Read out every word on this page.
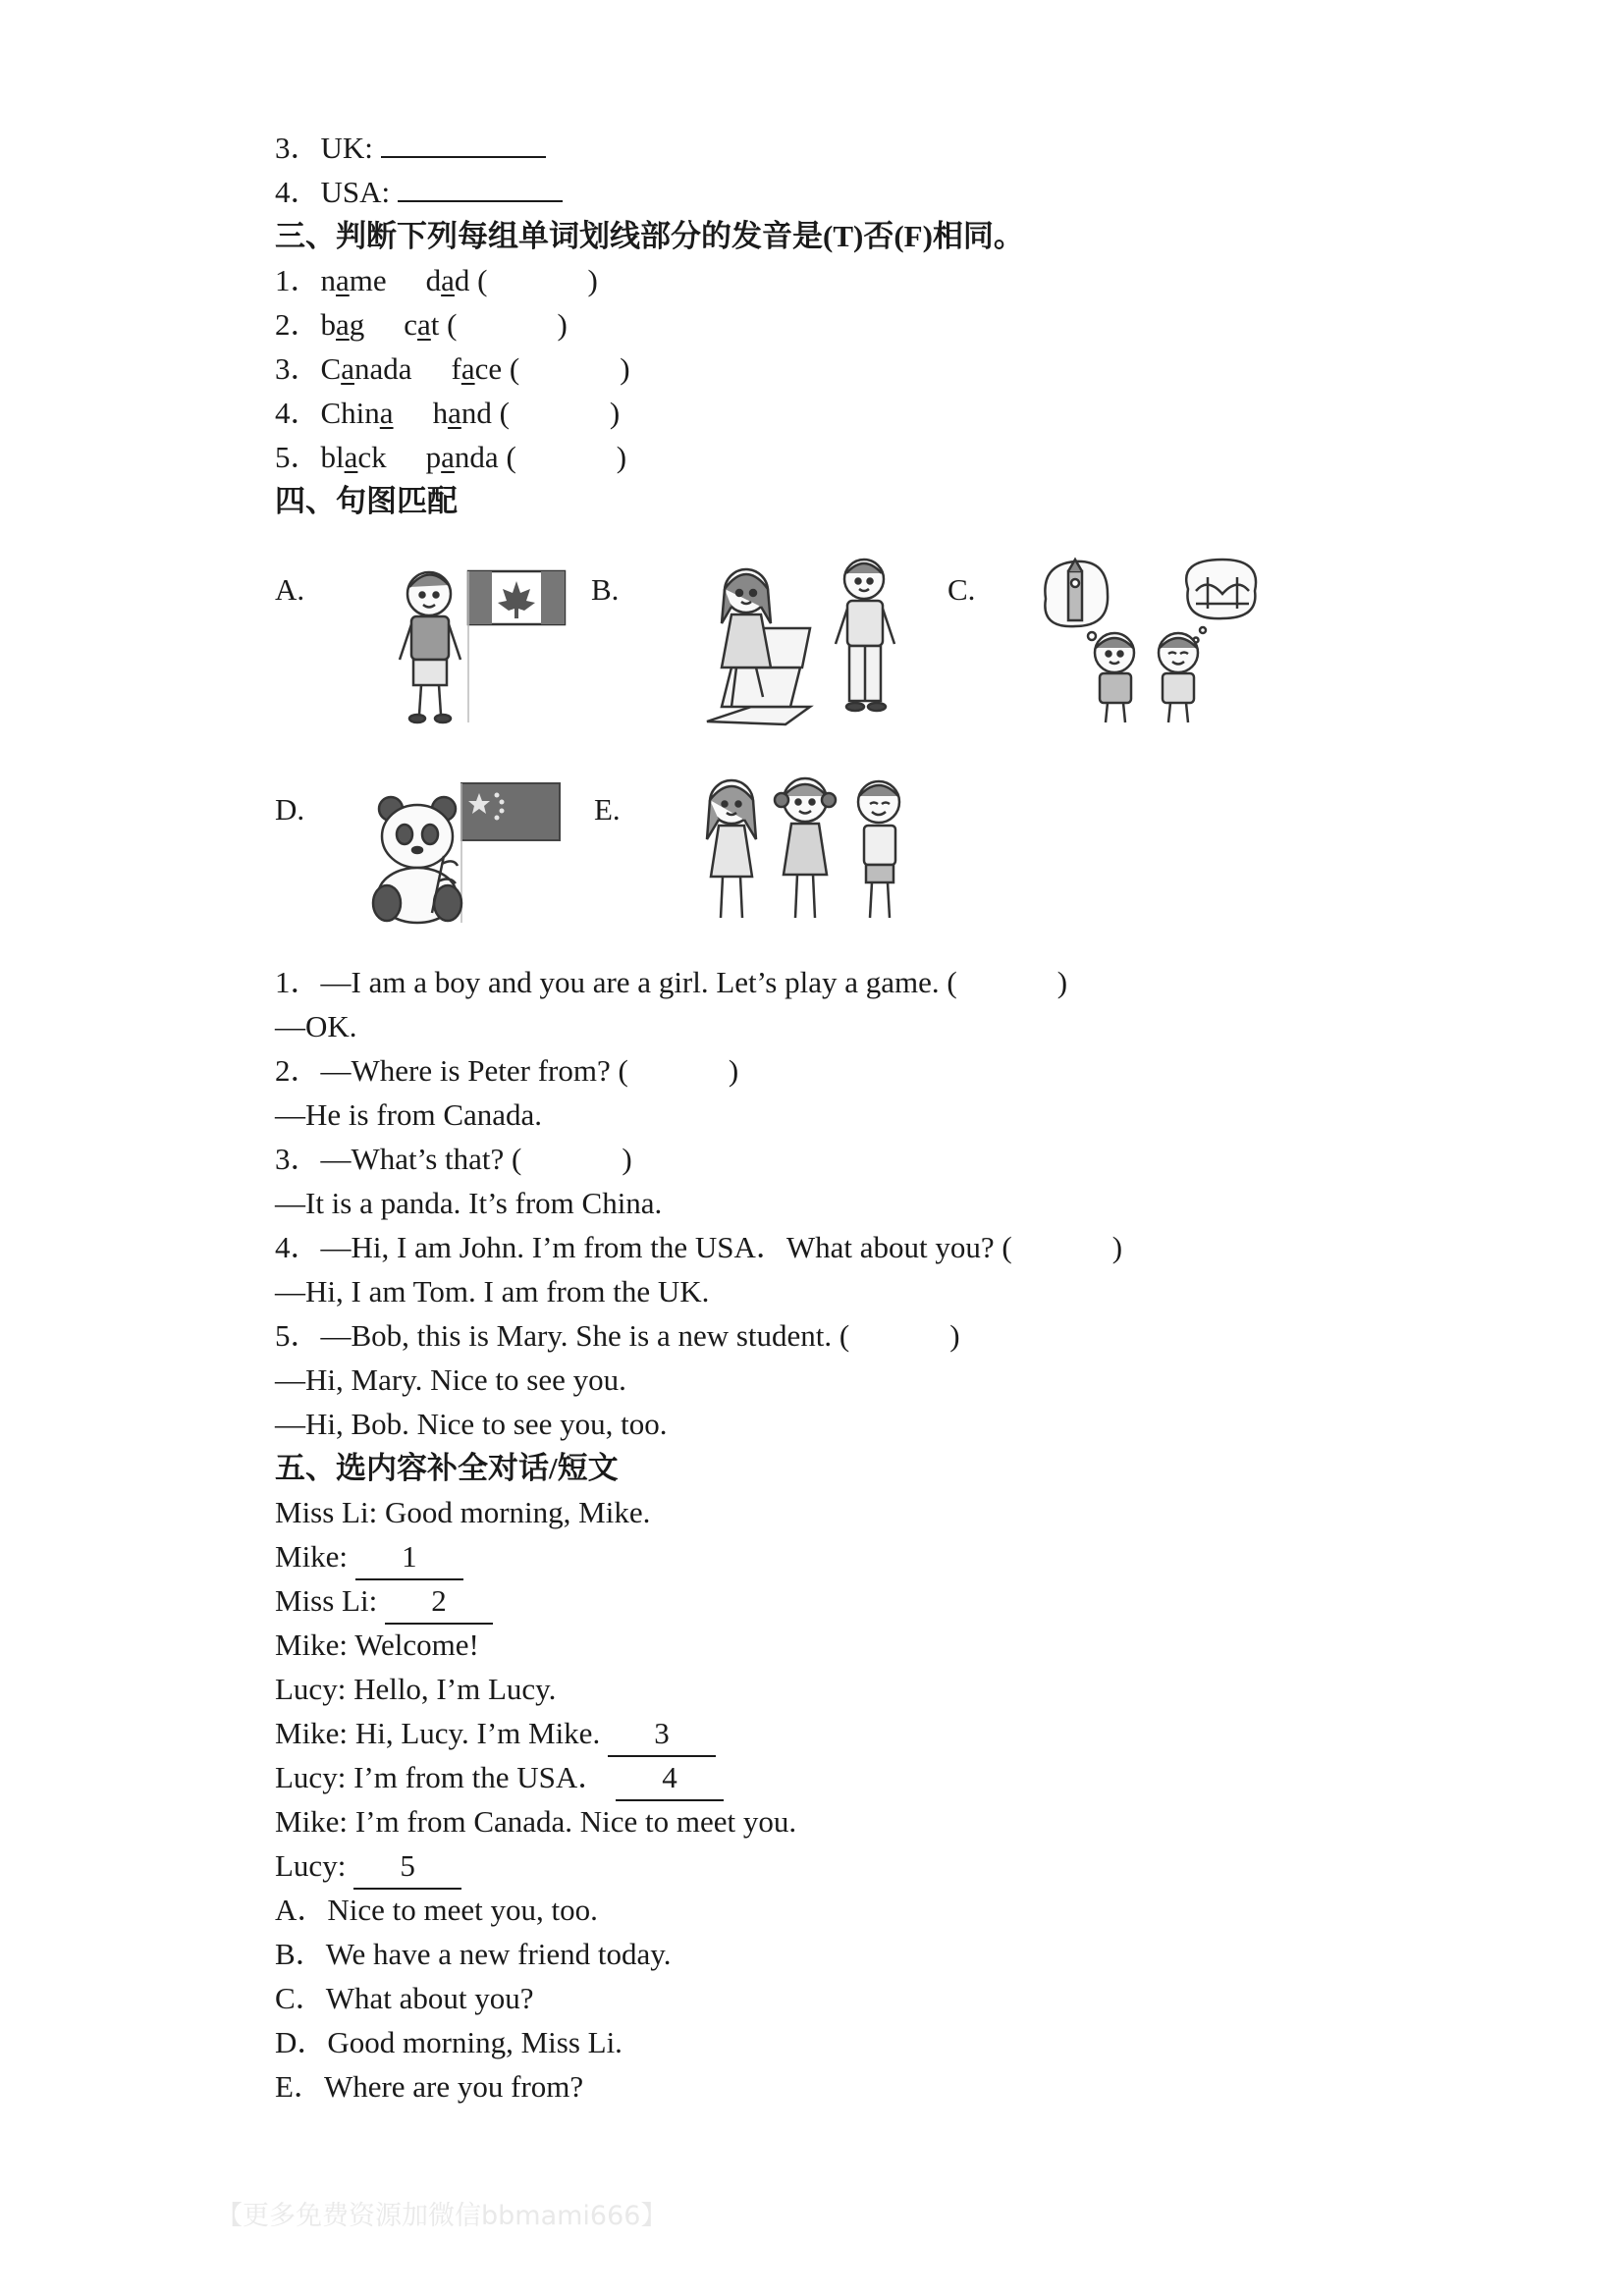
3．UK:
4．USA:
三、判断下列每组单词划线部分的发音是(T)否(F)相同。
1．name dad (	)
2．bag cat (	)
3．Canada face (	)
4．China hand (	)
5．black panda (	)
四、句图匹配
A.	B.	C.
D.	E.
1．—I am a boy and you are a girl. Let’s play a game. (	)
—OK.
2．—Where is Peter from? (	)
—He is from Canada.
3．—What’s that? (	)
—It is a panda. It’s from China.
4．—Hi, I am John. I’m from the USA．What about you? (	)
—Hi, I am Tom. I am from the UK.
5．—Bob, this is Mary. She is a new student. (	)
—Hi, Mary. Nice to see you.
—Hi, Bob. Nice to see you, too.
五、选内容补全对话/短文
Miss Li: Good morning, Mike.
Mike: 1
Miss Li: 2
Mike: Welcome!
Lucy: Hello, I’m Lucy.
Mike: Hi, Lucy. I’m Mike. 3
Lucy: I’m from the USA． 4
Mike: I’m from Canada. Nice to meet you.
Lucy: 5
A．Nice to meet you, too.
B．We have a new friend today.
C．What about you?
D．Good morning, Miss Li.
E．Where are you from?
【更多免费资源加微信bbmami666】
